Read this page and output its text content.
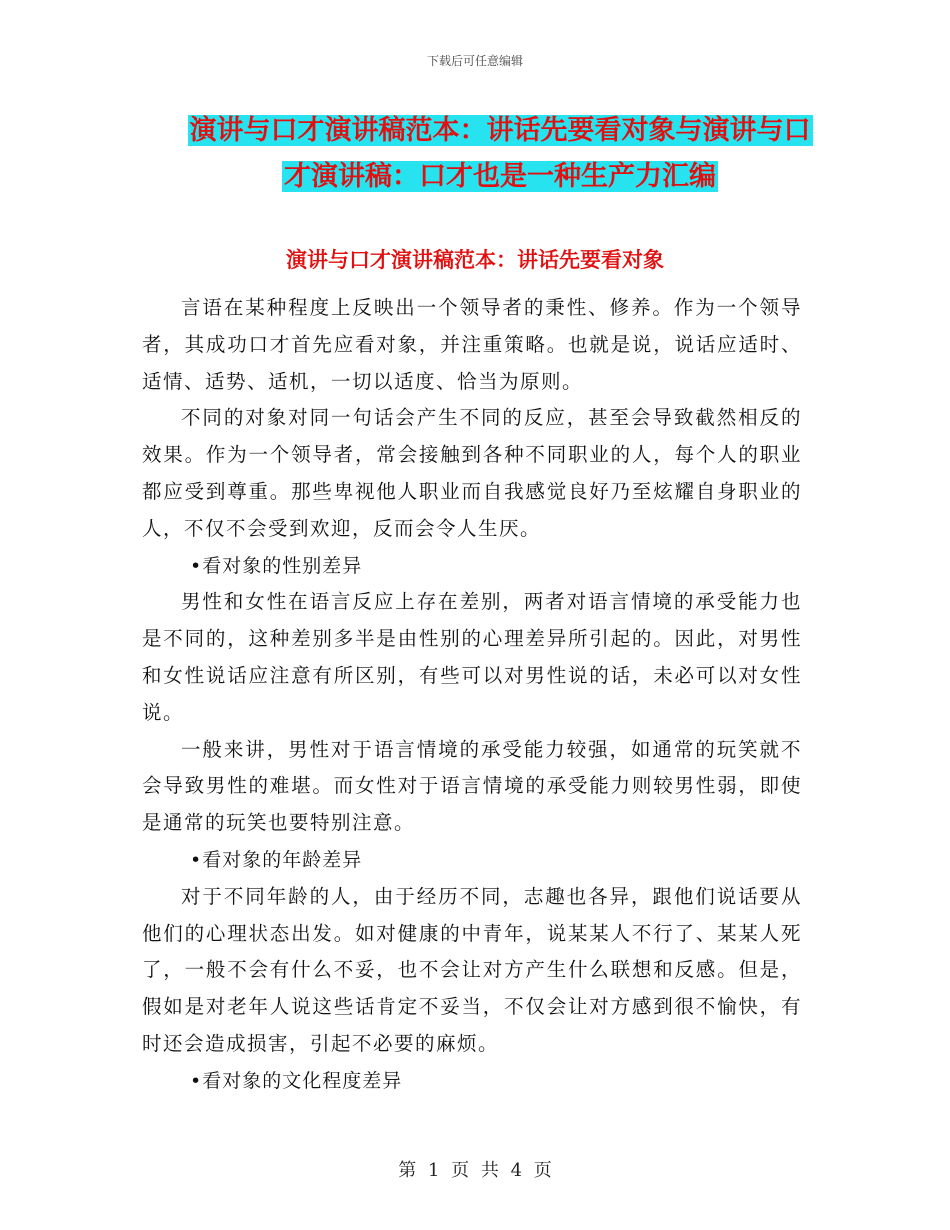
下载后可任意编辑
演讲与口才演讲稿范本：讲话先要看对象与演讲与口
才演讲稿：口才也是一种生产力汇编
演讲与口才演讲稿范本：讲话先要看对象

言语在某种程度上反映出一个领导者的秉性、修养。作为一个领导者，其成功口才首先应看对象，并注重策略。也就是说，说话应适时、适情、适势、适机，一切以适度、恰当为原则。

不同的对象对同一句话会产生不同的反应，甚至会导致截然相反的效果。作为一个领导者，常会接触到各种不同职业的人，每个人的职业都应受到尊重。那些卑视他人职业而自我感觉良好乃至炫耀自身职业的人，不仅不会受到欢迎，反而会令人生厌。

•看对象的性别差异

男性和女性在语言反应上存在差别，两者对语言情境的承受能力也是不同的，这种差别多半是由性别的心理差异所引起的。因此，对男性和女性说话应注意有所区别，有些可以对男性说的话，未必可以对女性说。

一般来讲，男性对于语言情境的承受能力较强，如通常的玩笑就不会导致男性的难堪。而女性对于语言情境的承受能力则较男性弱，即使是通常的玩笑也要特别注意。

•看对象的年龄差异

对于不同年龄的人，由于经历不同，志趣也各异，跟他们说话要从他们的心理状态出发。如对健康的中青年，说某某人不行了、某某人死了，一般不会有什么不妥，也不会让对方产生什么联想和反感。但是，假如是对老年人说这些话肯定不妥当，不仅会让对方感到很不愉快，有时还会造成损害，引起不必要的麻烦。

•看对象的文化程度差异

第 1 页 共 4 页
